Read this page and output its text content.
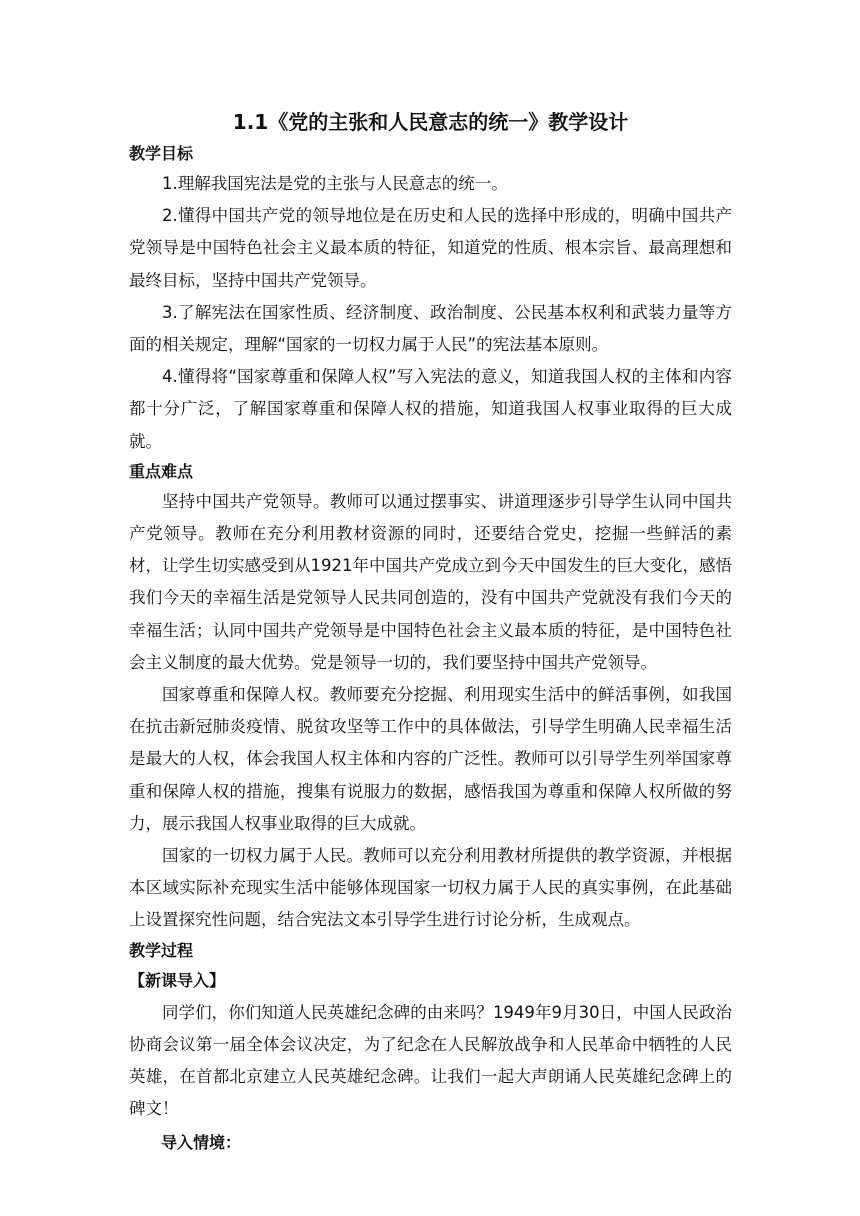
1.1《党的主张和人民意志的统一》教学设计
教学目标

1.理解我国宪法是党的主张与人民意志的统一。

2.懂得中国共产党的领导地位是在历史和人民的选择中形成的，明确中国共产党领导是中国特色社会主义最本质的特征，知道党的性质、根本宗旨、最高理想和最终目标，坚持中国共产党领导。

3.了解宪法在国家性质、经济制度、政治制度、公民基本权利和武装力量等方面的相关规定，理解“国家的一切权力属于人民”的宪法基本原则。

4.懂得将“国家尊重和保障人权”写入宪法的意义，知道我国人权的主体和内容都十分广泛，了解国家尊重和保障人权的措施，知道我国人权事业取得的巨大成就。

重点难点

坚持中国共产党领导。教师可以通过摆事实、讲道理逐步引导学生认同中国共产党领导。教师在充分利用教材资源的同时，还要结合党史，挖掘一些鲜活的素材，让学生切实感受到从1921年中国共产党成立到今天中国发生的巨大变化，感悟我们今天的幸福生活是党领导人民共同创造的，没有中国共产党就没有我们今天的幸福生活；认同中国共产党领导是中国特色社会主义最本质的特征，是中国特色社会主义制度的最大优势。党是领导一切的，我们要坚持中国共产党领导。

国家尊重和保障人权。教师要充分挖掘、利用现实生活中的鲜活事例，如我国在抗击新冠肺炎疫情、脱贫攻坚等工作中的具体做法，引导学生明确人民幸福生活是最大的人权，体会我国人权主体和内容的广泛性。教师可以引导学生列举国家尊重和保障人权的措施，搜集有说服力的数据，感悟我国为尊重和保障人权所做的努力，展示我国人权事业取得的巨大成就。

国家的一切权力属于人民。教师可以充分利用教材所提供的教学资源，并根据本区域实际补充现实生活中能够体现国家一切权力属于人民的真实事例，在此基础上设置探究性问题，结合宪法文本引导学生进行讨论分析，生成观点。

教学过程
【新课导入】

同学们，你们知道人民英雄纪念碑的由来吗？1949年9月30日，中国人民政治协商会议第一届全体会议决定，为了纪念在人民解放战争和人民革命中牺牲的人民英雄，在首都北京建立人民英雄纪念碑。让我们一起大声朗诵人民英雄纪念碑上的碑文！

导入情境：
